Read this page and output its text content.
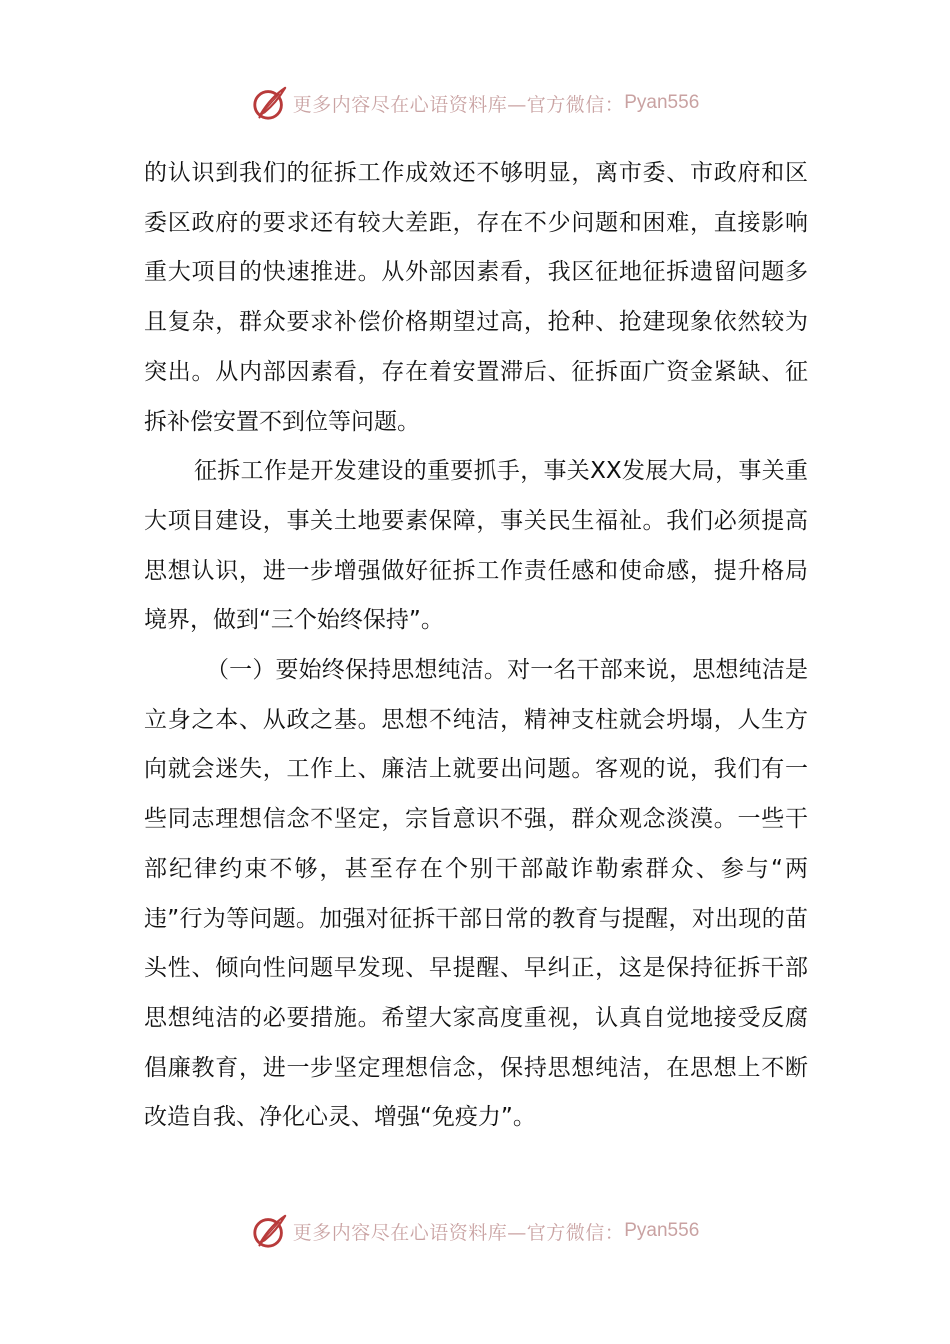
更多内容尽在心语资料库—官方微信： Pyan556

的认识到我们的征拆工作成效还不够明显，离市委、市政府和区委区政府的要求还有较大差距，存在不少问题和困难，直接影响重大项目的快速推进。从外部因素看，我区征地征拆遗留问题多且复杂，群众要求补偿价格期望过高，抢种、抢建现象依然较为突出。从内部因素看，存在着安置滞后、征拆面广资金紧缺、征拆补偿安置不到位等问题。

征拆工作是开发建设的重要抓手，事关XX发展大局，事关重大项目建设，事关土地要素保障，事关民生福祉。我们必须提高思想认识，进一步增强做好征拆工作责任感和使命感，提升格局境界，做到“三个始终保持”。

（一）要始终保持思想纯洁。对一名干部来说，思想纯洁是立身之本、从政之基。思想不纯洁，精神支柱就会坍塌，人生方向就会迷失，工作上、廉洁上就要出问题。客观的说，我们有一些同志理想信念不坚定，宗旨意识不强，群众观念淡漠。一些干部纪律约束不够，甚至存在个别干部敲诈勒索群众、参与“两违”行为等问题。加强对征拆干部日常的教育与提醒，对出现的苗头性、倾向性问题早发现、早提醒、早纠正，这是保持征拆干部思想纯洁的必要措施。希望大家高度重视，认真自觉地接受反腐倡廉教育，进一步坚定理想信念，保持思想纯洁，在思想上不断改造自我、净化心灵、增强“免疫力”。

更多内容尽在心语资料库—官方微信： Pyan556
